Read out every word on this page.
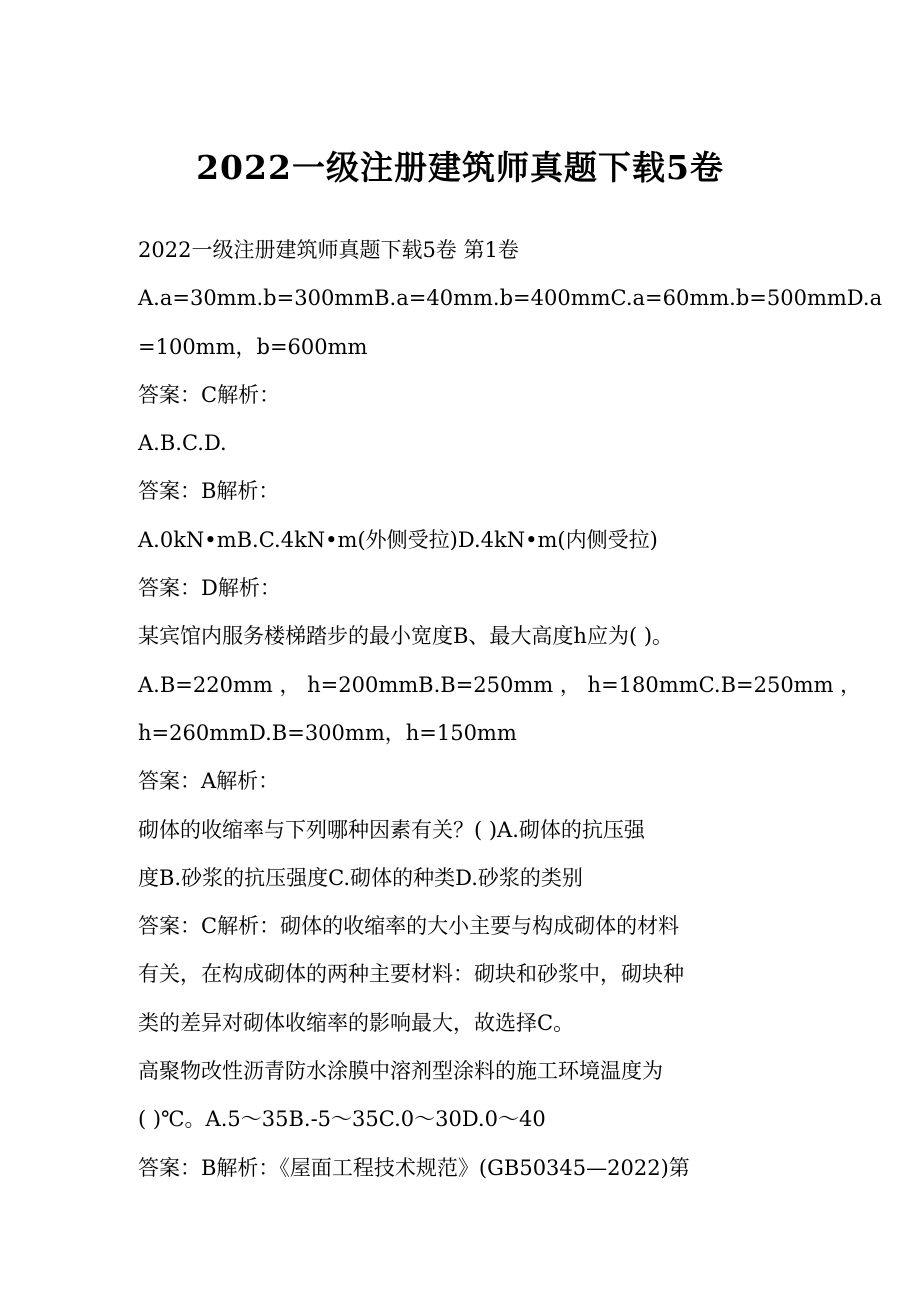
2022一级注册建筑师真题下载5卷
2022一级注册建筑师真题下载5卷 第1卷
A.a=30mm.b=300mmB.a=40mm.b=400mmC.a=60mm.b=500mmD.a
=100mm，b=600mm
答案：C解析：
A.B.C.D.
答案：B解析：
A.0kN•mB.C.4kN•m(外侧受拉)D.4kN•m(内侧受拉)
答案：D解析：
某宾馆内服务楼梯踏步的最小宽度B、最大高度h应为( )。
A.B=220mm ， h=200mmB.B=250mm ， h=180mmC.B=250mm ，
h=260mmD.B=300mm，h=150mm
答案：A解析：
砌体的收缩率与下列哪种因素有关？( )A.砌体的抗压强
度B.砂浆的抗压强度C.砌体的种类D.砂浆的类别
答案：C解析：砌体的收缩率的大小主要与构成砌体的材料
有关，在构成砌体的两种主要材料：砌块和砂浆中，砌块种
类的差异对砌体收缩率的影响最大，故选择C。
高聚物改性沥青防水涂膜中溶剂型涂料的施工环境温度为
( )℃。A.5～35B.-5～35C.0～30D.0～40
答案：B解析：《屋面工程技术规范》(GB50345—2022)第
